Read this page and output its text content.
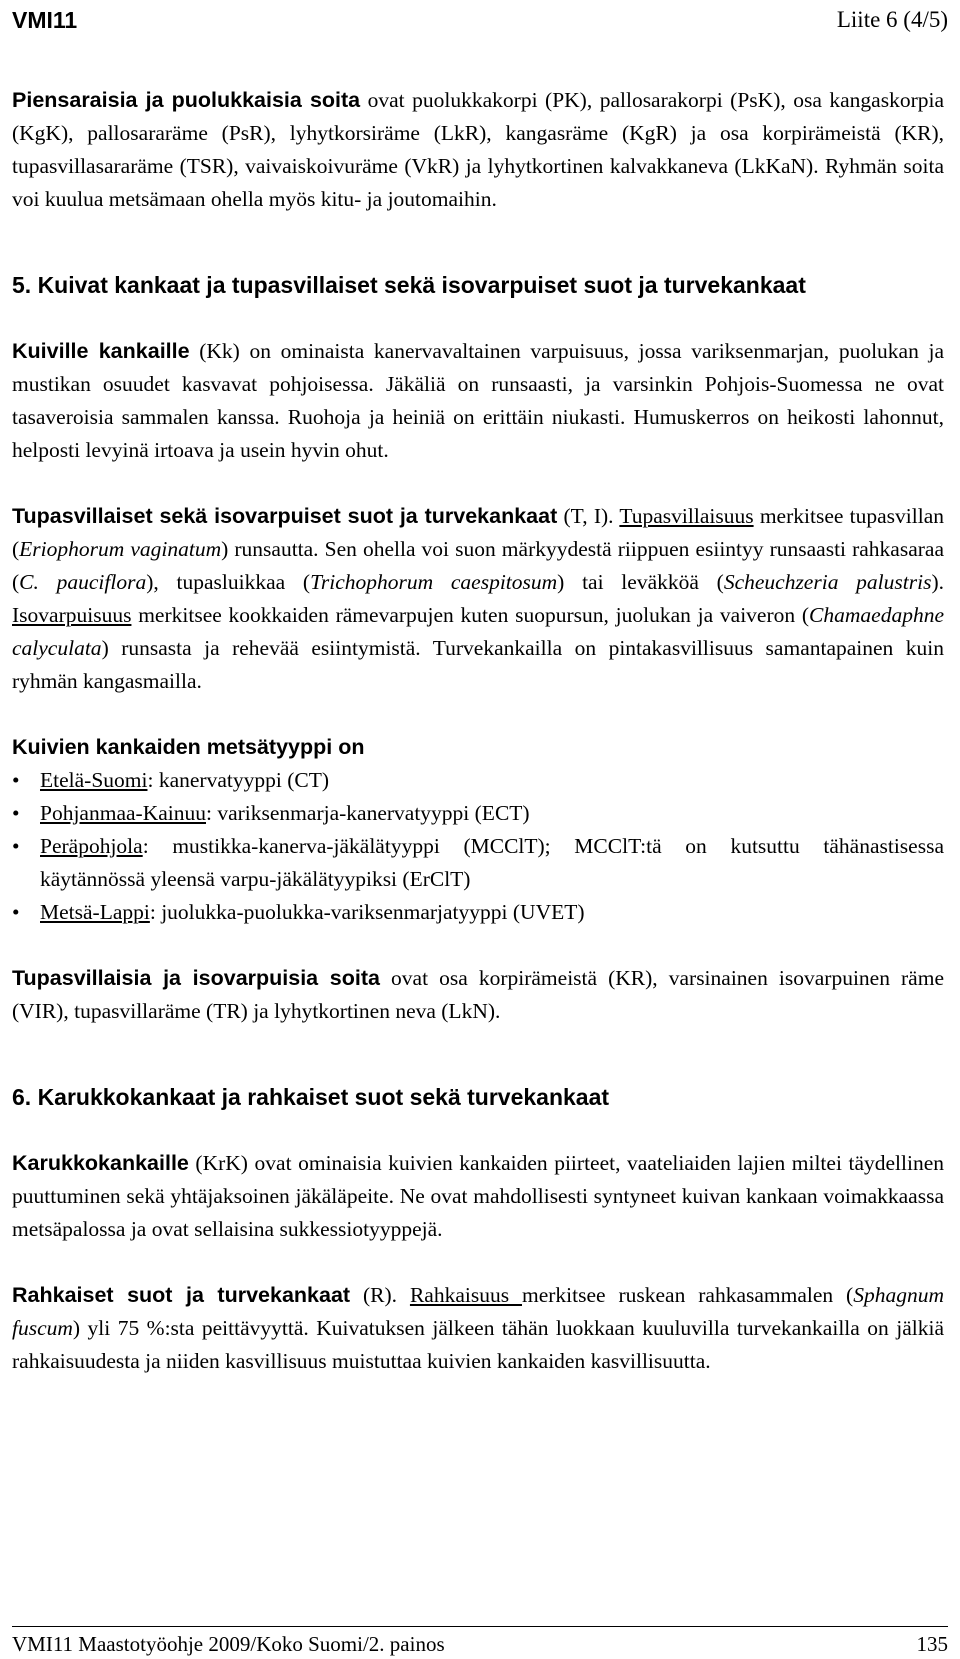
VMI11	Liite 6 (4/5)

Piensaraisia ja puolukkaisia soita ovat puolukkakorpi (PK), pallosarakorpi (PsK), osa kangaskorpia (KgK), pallosararäme (PsR), lyhytkorsiräme (LkR), kangasräme (KgR) ja osa korpirämeistä (KR), tupasvillasararäme (TSR), vaivaiskoivuräme (VkR) ja lyhytkortinen kalvakkaneva (LkKaN). Ryhmän soita voi kuulua metsämaan ohella myös kitu- ja joutomaihin.

5. Kuivat kankaat ja tupasvillaiset sekä isovarpuiset suot ja turvekankaat

Kuiville kankaille (Kk) on ominaista kanervavaltainen varpuisuus, jossa variksenmarjan, puolukan ja mustikan osuudet kasvavat pohjoisessa. Jäkäliä on runsaasti, ja varsinkin Pohjois-Suomessa ne ovat tasaveroisia sammalen kanssa. Ruohoja ja heiniä on erittäin niukasti. Humuskerros on heikosti lahonnut, helposti levyinä irtoava ja usein hyvin ohut.

Tupasvillaiset sekä isovarpuiset suot ja turvekankaat (T, I). Tupasvillaisuus merkitsee tupasvillan (Eriophorum vaginatum) runsautta. Sen ohella voi suon märkyydestä riippuen esiintyy runsaasti rahkasaraa (C. pauciflora), tupasluikkaa (Trichophorum caespitosum) tai leväkköä (Scheuchzeria palustris). Isovarpuisuus merkitsee kookkaiden rämevarpujen kuten suopursun, juolukan ja vaiveron (Chamaedaphne calyculata) runsasta ja rehevää esiintymistä. Turvekankailla on pintakasvillisuus samantapainen kuin ryhmän kangasmailla.

Kuivien kankaiden metsätyyppi on

• Etelä-Suomi: kanervatyyppi (CT)
• Pohjanmaa-Kainuu: variksenmarja-kanervatyyppi (ECT)
• Peräpohjola: mustikka-kanerva-jäkälätyyppi (MCClT); MCClT:tä on kutsuttu tähänastisessa käytännössä yleensä varpu-jäkälätyypiksi (ErClT)
• Metsä-Lappi: juolukka-puolukka-variksenmarjatyyppi (UVET)

Tupasvillaisia ja isovarpuisia soita ovat osa korpirämeistä (KR), varsinainen isovarpuinen räme (VIR), tupasvillaräme (TR) ja lyhytkortinen neva (LkN).

6. Karukkokankaat ja rahkaiset suot sekä turvekankaat

Karukkokankaille (KrK) ovat ominaisia kuivien kankaiden piirteet, vaateliaiden lajien miltei täydellinen puuttuminen sekä yhtäjaksoinen jäkäläpeite. Ne ovat mahdollisesti syntyneet kuivan kankaan voimakkaassa metsäpalossa ja ovat sellaisina sukkessiotyyppejä.

Rahkaiset suot ja turvekankaat (R). Rahkaisuus merkitsee ruskean rahkasammalen (Sphagnum fuscum) yli 75 %:sta peittävyyttä. Kuivatuksen jälkeen tähän luokkaan kuuluvilla turvekankailla on jälkiä rahkaisuudesta ja niiden kasvillisuus muistuttaa kuivien kankaiden kasvillisuutta.

VMI11 Maastotyöohje 2009/Koko Suomi/2. painos	135
